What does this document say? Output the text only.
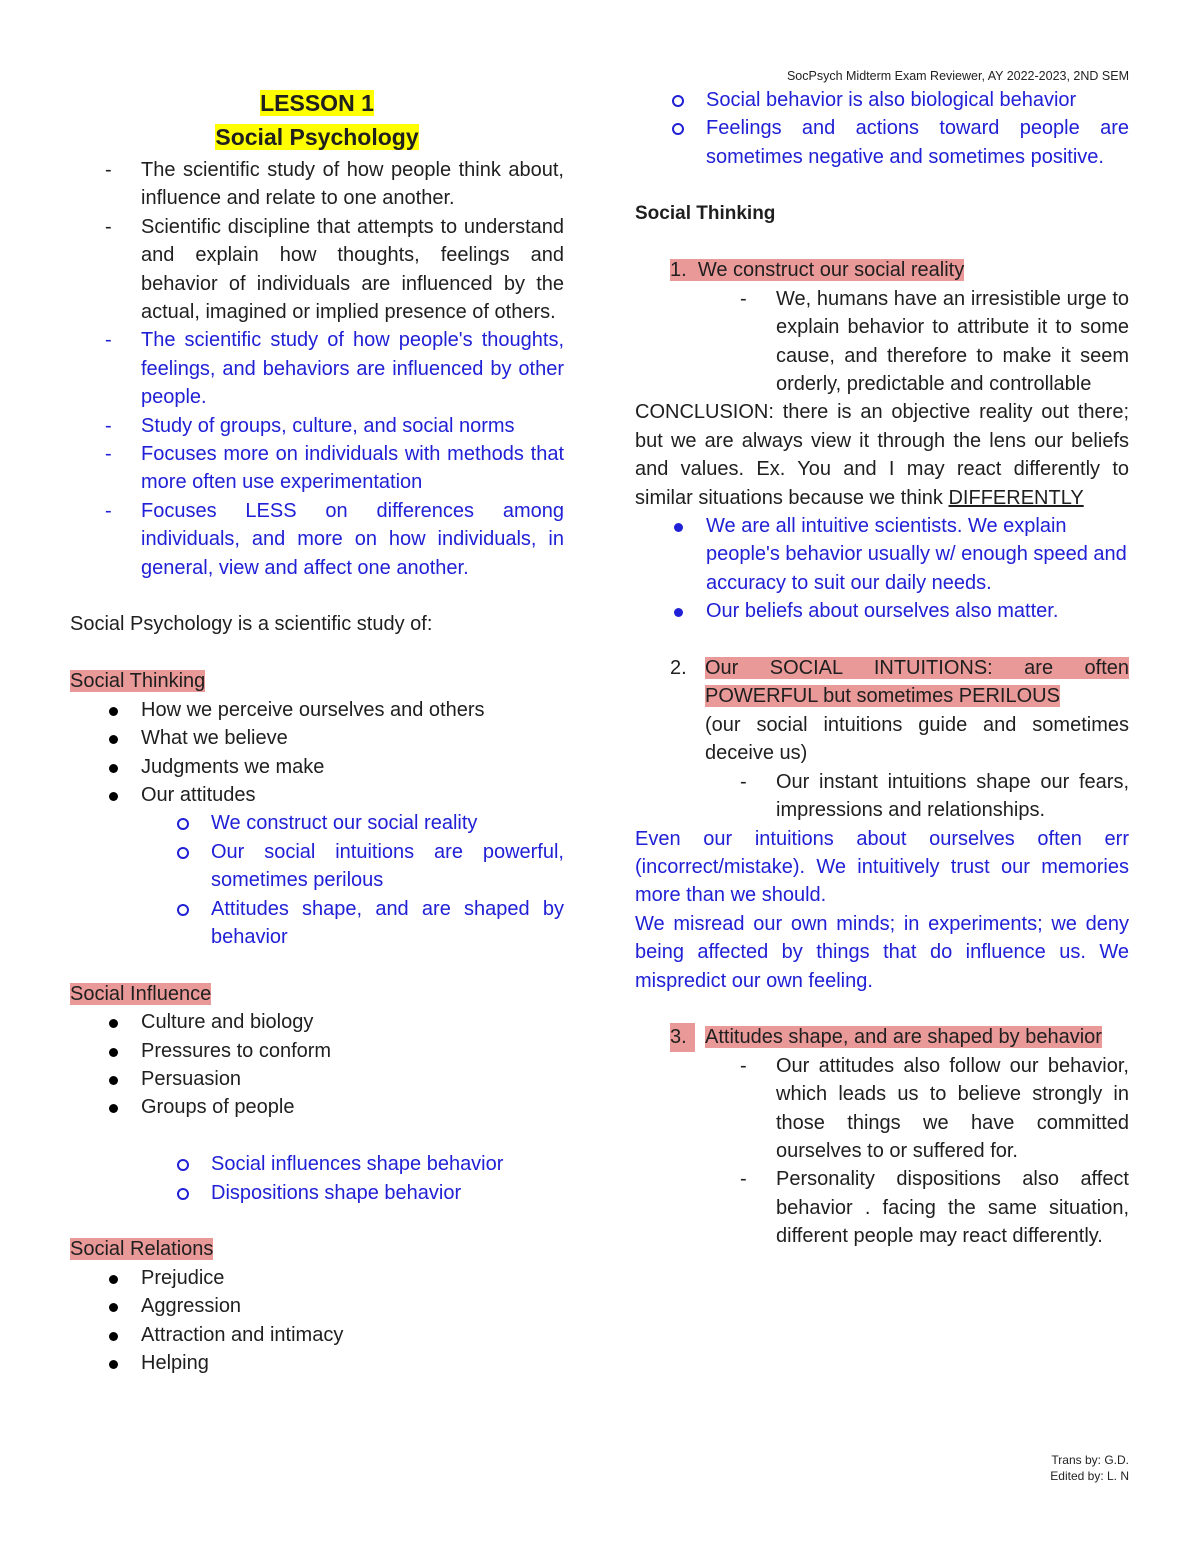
SocPsych Midterm Exam Reviewer, AY 2022-2023, 2ND SEM

LESSON 1

Social Psychology

- The scientific study of how people think about, influence and relate to one another.
- Scientific discipline that attempts to understand and explain how thoughts, feelings and behavior of individuals are influenced by the actual, imagined or implied presence of others.
- The scientific study of how people's thoughts, feelings, and behaviors are influenced by other people.
- Study of groups, culture, and social norms
- Focuses more on individuals with methods that more often use experimentation
- Focuses LESS on differences among individuals, and more on how individuals, in general, view and affect one another.

Social Psychology is a scientific study of:

Social Thinking

How we perceive ourselves and others
What we believe
Judgments we make
Our attitudes
We construct our social reality
Our social intuitions are powerful, sometimes perilous
Attitudes shape, and are shaped by behavior

Social Influence

Culture and biology
Pressures to conform
Persuasion
Groups of people
Social influences shape behavior
Dispositions shape behavior

Social Relations

Prejudice
Aggression
Attraction and intimacy
Helping
Social behavior is also biological behavior
Feelings and actions toward people are sometimes negative and sometimes positive.

Social Thinking

1. We construct our social reality

- We, humans have an irresistible urge to explain behavior to attribute it to some cause, and therefore to make it seem orderly, predictable and controllable

CONCLUSION: there is an objective reality out there; but we are always view it through the lens our beliefs and values. Ex. You and I may react differently to similar situations because we think DIFFERENTLY

We are all intuitive scientists. We explain people's behavior usually w/ enough speed and accuracy to suit our daily needs.
Our beliefs about ourselves also matter.
2. Our SOCIAL INTUITIONS: are often POWERFUL but sometimes PERILOUS

(our social intuitions guide and sometimes deceive us)

- Our instant intuitions shape our fears, impressions and relationships.

Even our intuitions about ourselves often err (incorrect/mistake). We intuitively trust our memories more than we should.

We misread our own minds; in experiments; we deny being affected by things that do influence us. We mispredict our own feeling.

3. Attitudes shape, and are shaped by behavior

- Our attitudes also follow our behavior, which leads us to believe strongly in those things we have committed ourselves to or suffered for.
- Personality dispositions also affect behavior . facing the same situation, different people may react differently.
Trans by: G.D.
Edited by: L. N
